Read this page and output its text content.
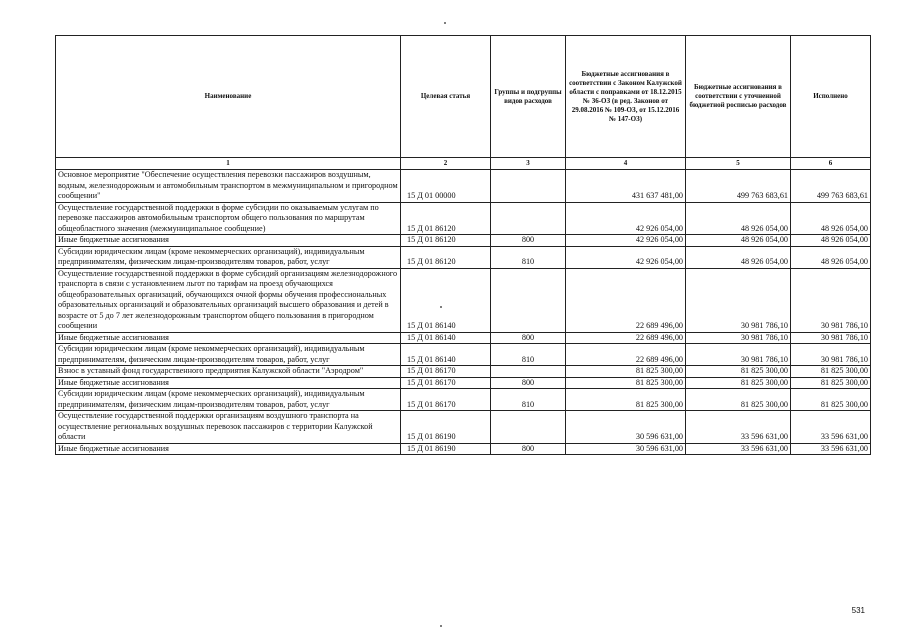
Наименование	Целевая статья	Группы и подгруппы видов расходов	Бюджетные ассигнования в соответствии с Законом Калужской области с поправками от 18.12.2015 № 36-ОЗ (в ред. Законов от 29.08.2016 № 109-ОЗ, от 15.12.2016 № 147-ОЗ)	Бюджетные ассигнования в соответствии с уточненной бюджетной росписью расходов	Исполнено
1	2	3	4	5	6
Основное мероприятие "Обеспечение осуществления перевозки пассажиров воздушным, водным, железнодорожным и автомобильным транспортом в межмуниципальном и пригородном сообщении"	15 Д 01 00000		431 637 481,00	499 763 683,61	499 763 683,61
Осуществление государственной поддержки в форме субсидии по оказываемым услугам по перевозке пассажиров автомобильным транспортом общего пользования по маршрутам общеобластного значения (межмуниципальное сообщение)	15 Д 01 86120		42 926 054,00	48 926 054,00	48 926 054,00
Иные бюджетные ассигнования	15 Д 01 86120	800	42 926 054,00	48 926 054,00	48 926 054,00
Субсидии юридическим лицам (кроме некоммерческих организаций), индивидуальным предпринимателям, физическим лицам-производителям товаров, работ, услуг	15 Д 01 86120	810	42 926 054,00	48 926 054,00	48 926 054,00
Осуществление государственной поддержки в форме субсидий организациям железнодорожного транспорта в связи с установлением льгот по тарифам на проезд обучающихся общеобразовательных организаций, обучающихся очной формы обучения профессиональных образовательных организаций и образовательных организаций высшего образования и детей в возрасте от 5 до 7 лет железнодорожным транспортом общего пользования в пригородном сообщении	15 Д 01 86140		22 689 496,00	30 981 786,10	30 981 786,10
Иные бюджетные ассигнования	15 Д 01 86140	800	22 689 496,00	30 981 786,10	30 981 786,10
Субсидии юридическим лицам (кроме некоммерческих организаций), индивидуальным предпринимателям, физическим лицам-производителям товаров, работ, услуг	15 Д 01 86140	810	22 689 496,00	30 981 786,10	30 981 786,10
Взнос в уставный фонд государственного предприятия Калужской области "Аэродром"	15 Д 01 86170		81 825 300,00	81 825 300,00	81 825 300,00
Иные бюджетные ассигнования	15 Д 01 86170	800	81 825 300,00	81 825 300,00	81 825 300,00
Субсидии юридическим лицам (кроме некоммерческих организаций), индивидуальным предпринимателям, физическим лицам-производителям товаров, работ, услуг	15 Д 01 86170	810	81 825 300,00	81 825 300,00	81 825 300,00
Осуществление государственной поддержки организациям воздушного транспорта на осуществление региональных воздушных перевозок пассажиров с территории Калужской области	15 Д 01 86190		30 596 631,00	33 596 631,00	33 596 631,00
Иные бюджетные ассигнования	15 Д 01 86190	800	30 596 631,00	33 596 631,00	33 596 631,00
531
